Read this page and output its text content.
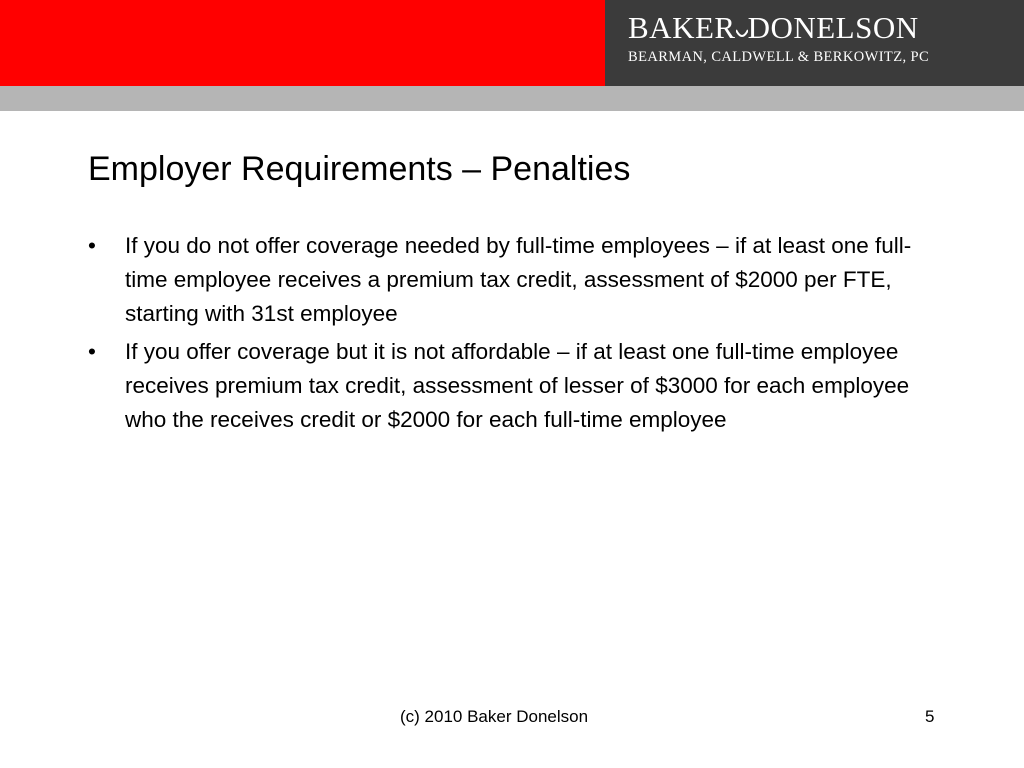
BAKER DONELSON
BEARMAN, CALDWELL & BERKOWITZ, PC
Employer Requirements – Penalties
• If you do not offer coverage needed by full-time employees – if at least one full-time employee receives a premium tax credit, assessment of $2000 per FTE, starting with 31st employee
• If you offer coverage but it is not affordable – if at least one full-time employee receives premium tax credit, assessment of lesser of $3000 for each employee who the receives credit or $2000 for each full-time employee
(c) 2010 Baker Donelson	5
